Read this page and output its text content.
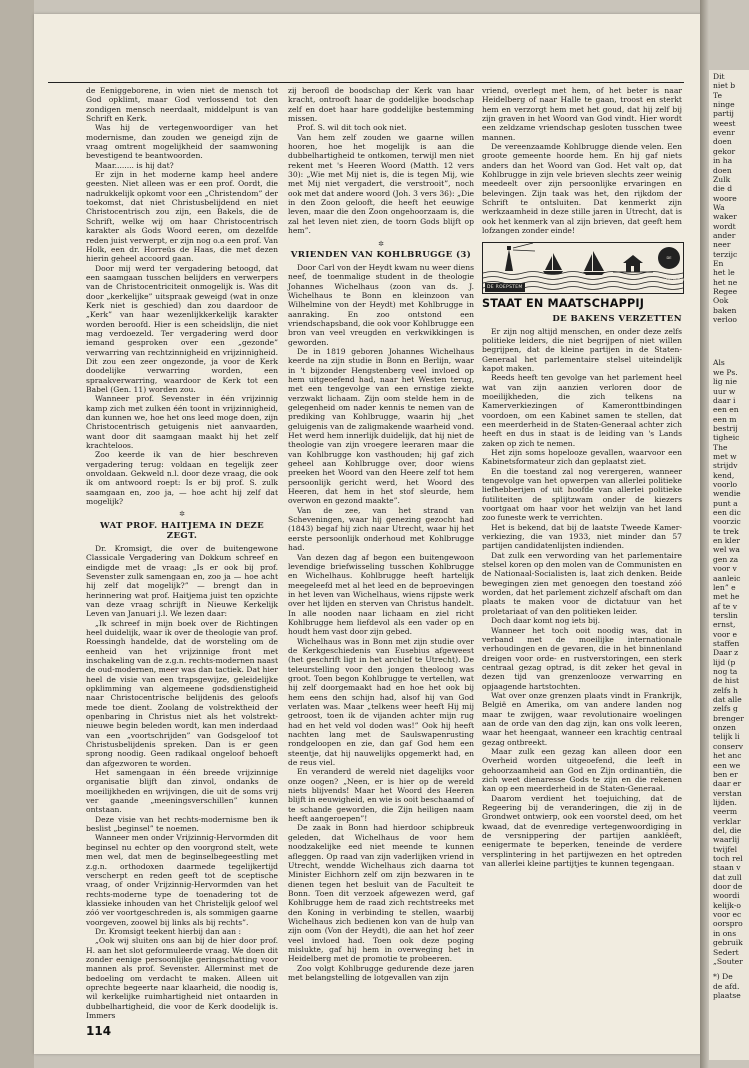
Dit
niet b
Te
ninge
partij
weest
evenr
doen
gekor
in ha
doen
Zulk
die d
woore
Wa
waker
wordt
ander
neer
terzijc
En
het le
het ne
Regee
Ook
baken
verloo
Als
we Ps.
lig nie
uur w
daar i
een en
een m
bestrij
tigheic
The
met w
strijdv
kend,
voorlo
wendie
punt a
een dic
voorzic
te trek
en kler
wel wa
gen za
voor v
aanleic
len” e
met he
af te v
terslin
ernst,
voor e
staffen
Daar z
lijd (p
nog ta
de hist
zelfs h
dat alle
zelfs g
brenger
onzen
telijk li
conserv
het anc
een we
ben er
daar er
verstan
lijden.
veerm
verklar
del, die
waarlij
twijfel
toch rel
staan v
dat zull
door de
woordi
kelijk-o
voor ec
oorspro
in ons
gebruik
Sedert
„Souter
*) De
de afd.
plaatse

de Eeniggeborene, in wien niet de mensch tot God opklimt, maar God verlossend tot den zondigen mensch neerdaalt, middelpunt is van Schrift en Kerk.

Was hij de vertegenwoordiger van het modernisme, dan zouden we geneigd zijn de vraag omtrent mogelijkheid der saamwoning bevestigend te beantwoorden.

Maar........ is hij dat?

Er zijn in het moderne kamp heel andere geesten. Niet alleen was er een prof. Oordt, die nadrukkelijk opkomt voor een „Christendom” der toekomst, dat niet Christusbelijdend en niet Christocentrisch zou zijn, een Bakels, die de Schrift, welke wij om haar Christocentrisch karakter als Gods Woord eeren, om dezelfde reden juist verwerpt, er zijn nog o.a een prof. Van Holk, een dr. Horreüs de Haas, die met dezen hierin geheel accoord gaan.

Door mij werd ter vergadering betoogd, dat een saamgaan tusschen belijders en verwerpers van de Christocentriciteit onmogelijk is. Was dit door „kerkelijke” uitspraak geweigd (wat in onze Kerk niet is geschied) dan zou daardoor de „Kerk” van haar wezenlijkkerkelijk karakter worden beroofd. Hier is een scheidslijn, die niet mag verdoezeld. Ter vergadering werd door iemand gesproken over een „gezonde” verwarring van rechtzinnigheid en vrijzinnigheid. Dit zou een zeer ongezonde, ja voor de Kerk doodelijke verwarring worden, een spraakverwarring, waardoor de Kerk tot een Babel (Gen. 11) worden zou.

Wanneer prof. Sevenster in één vrijzinnig kamp zich met zulken één toont in vrijzinnigheid, dan kunnen we, hoe het ons leed moge doen, zijn Christocentrisch getuigenis niet aanvaarden, want door dit saamgaan maakt hij het zelf krachteloos.

Zoo keerde ik van de hier beschreven vergadering terug: voldaan en tegelijk zeer onvoldaan. Gekweld n.l. door deze vraag, die ook ik om antwoord roept: Is er bij prof. S. zulk saamgaan en, zoo ja, — hoe acht hij zelf dat mogelijk?

✲
WAT PROF. HAITJEMA IN DEZE ZEGT.

Dr. Kromsigt, die over de buitengewone Classicale Vergadering van Dokkum schreef en eindigde met de vraag: „Is er ook bij prof. Sevenster zulk samengaan en, zoo ja — hoe acht hij zelf dat mogelijk?” — brengt dan in herinnering wat prof. Haitjema juist ten opzichte van deze vraag schrijft in Nieuwe Kerkelijk Leven van Januari j.l. We lezen daar:

„Ik schreef in mijn boek over de Richtingen heel duidelijk, waar ik over de theologie van prof. Roessingh handelde, dat de worsteling om de eenheid van het vrijzinnige front met inschakeling van de z.g.n. rechts-modernen naast de oud-modernen, meer was dan tactiek. Dat hier heel de visie van een trapsgewijze, geleidelijke opklimming van algemeene godsdienstigheid naar Christocentrische belijdenis des geloofs mede toe dient. Zoolang de volstrektheid der openbaring in Christus niet als het volstrekt-nieuwe begin beleden wordt, kan men inderdaad van een „voortschrijden” van Godsgeloof tot Christusbelijdenis spreken. Dan is er geen sprong noodig. Geen radikaal ongeloof behoeft dan afgezworen te worden.

Het samengaan in één breede vrijzinnige organisatie blijft dan zinvol, ondanks de moeilijkheden en wrijvingen, die uit de soms vrij ver gaande „meeningsverschillen” kunnen ontstaan.

Deze visie van het rechts-modernisme ben ik beslist „beginsel” te noemen.

Wanneer men onder Vrijzinnig-Hervormden dit beginsel nu echter op den voorgrond stelt, wete men wel, dat men de beginselbegeestling met z.g.n. orthodoxen daarmede tegelijkertijd verscherpt en reden geeft tot de sceptische vraag, of onder Vrijzinnig-Hervormden van het rechts-moderne type de toenadering tot de klassieke inhouden van het Christelijk geloof wel zóó ver voortgeschreden is, als sommigen gaarne voorgeven, zoowel bij links als bij rechts”.

Dr. Kromsigt teekent hierbij dan aan :

„Ook wij sluiten ons aan bij de hier door prof. H. aan het slot geformuleerde vraag. We doen dit zonder eenige persoonlijke geringschatting voor mannen als prof. Sevenster. Allerminst met de bedoeling om verdacht te maken. Alleen uit oprechte begeerte naar klaarheid, die noodig is, wil kerkelijke ruimhartigheid niet ontaarden in dubbelhartigheid, die voor de Kerk doodelijk is. Immers

zij beroofl de boodschap der Kerk van haar kracht, ontrooft haar de goddelijke boodschap zelf en doet haar hare goddelijke bestemming missen.

Prof. S. wil dit toch ook niet.

Van hem zelf zouden we gaarne willen hooren, hoe het mogelijk is aan die dubbelhartigheid te ontkomen, terwijl men niet rekent met 's Heeren Woord (Matth. 12 vers 30): „Wie met Mij niet is, die is tegen Mij, wie met Mij niet vergadert, die verstrooit”, noch ook met dat andere woord (Joh. 3 vers 36): „Die in den Zoon gelooft, die heeft het eeuwige leven, maar die den Zoon ongehoorzaam is, die zal het leven niet zien, de toorn Gods blijft op hem”.

✲
VRIENDEN VAN KOHLBRUGGE (3)

Door Carl von der Heydt kwam nu weer diens neef, de toenmalige student in de theologie Johannes Wichelhaus (zoon van ds. J. Wichelhaus te Bonn en kleinzoon van Wilhelmine von der Heydt) met Kohlbrugge in aanraking. En zoo ontstond een vriendschapsband, die ook voor Kohlbrugge een bron van veel vreugden en verkwikkingen is geworden.

De in 1819 geboren Johannes Wichelhaus keerde na zijn studie in Bonn en Berlijn, waar in 't bijzonder Hengstenberg veel invloed op hem uitgeoefend had, naar het Westen terug, met een tengevolge van een ernstige ziekte verzwakt lichaam. Zijn oom stelde hem in de gelegenheid om nader kennis te nemen van de prediking van Kohlbrugge, waarin hij „het geluigenis van de zaligmakende waarheid vond. Het werd hem innerlijk duidelijk, dat hij niet de theologie van zijn vroegere leeraren maar die van Kohlbrugge kon vasthouden; hij gaf zich geheel aan Kohlbrugge over, door wiens preeken het Woord van den Heere zelf tot hem persoonlijk gericht werd, het Woord des Heeren, dat hem in het stof sleurde, hem overwon en gezond maakte”.

Van de zee, van het strand van Scheveningen, waar hij genezing gezocht had (1843) begaf hij zich naar Utrecht, waar hij het eerste persoonlijk onderhoud met Kohlbrugge had.

Van dezen dag af begon een buitengewoon levendige briefwisseling tusschen Kohlbrugge en Wichelhaus. Kohlbrugge heeft hartelijk meegeleefd met al het leed en de beproevingen in het leven van Wichelhaus, wiens rijpste werk over het lijden en sterven van Christus handelt. In alle nooden naar lichaam en ziel richt Kohlbrugge hem liefdevol als een vader op en houdt hem vast door zijn gebed.

Wichelhaus was in Bonn met zijn studie over de Kerkgeschiedenis van Eusebius afgeweest (het geschrift ligt in het archief te Utrecht). De teleurstelling voor den jongen theoloog was groot. Toen begon Kohlbrugge te vertellen, wat hij zelf doorgemaakt had en hoe het ook bij hem eens den schijn had, alsof hij van God verlaten was. Maar „telkens weer heeft Hij mij getroost, toen ik de vijanden achter mijn rug had en het veld vol doden was!” Ook hij heeft nachten lang met de Saulswapenrusting rondgeloopen en zie, dan gaf God hem een steentje, dat hij nauwelijks opgemerkt had, en de reus viel.

En veranderd de wereld niet dagelijks voor onze oogen? „Neen, er is hier op de wereld niets blijvends! Maar het Woord des Heeren blijft in eeuwigheid, en wie is ooit beschaamd of te schande geworden, die Zijn heiligen naam heeft aangeroepen”!

De zaak in Bonn had hierdoor schipbreuk geleden, dat Wichelhaus de voor hem noodzakelijke eed niet meende te kunnen afleggen. Op raad van zijn vaderlijken vriend in Utrecht, wendde Wichelhaus zich daarna tot Minister Eichhorn zelf om zijn bezwaren in te dienen tegen het besluit van de Faculteit te Bonn. Toen dit verzoek afgewezen werd, gaf Kohlbrugge hem de raad zich rechtstreeks met den Koning in verbinding te stellen, waarbij Wichelhaus zich bedienen kon van de hulp van zijn oom (Von der Heydt), die aan het hof zeer veel invloed had. Toen ook deze poging mislukte, gaf hij hem in overweging het in Heidelberg met de promotie te probeeren.

Zoo volgt Kohlbrugge gedurende deze jaren met belangstelling de lotgevallen van zijn

vriend, overlegt met hem, of het beter is naar Heidelberg of naar Halle te gaan, troost en sterkt hem en verzorgt hem met het goud, dat hij zelf bij zijn graven in het Woord van God vindt. Hier wordt een zeldzame vriendschap gesloten tusschen twee mannen.

De vereenzaamde Kohlbrugge diende velen. Een groote gemeente hoorde hem. En hij gaf niets anders dan het Woord van God. Het valt op, dat Kohlbrugge in zijn vele brieven slechts zeer weinig meedeelt over zijn persoonlijke ervaringen en belevingen. Zijn taak was het, den rijkdom der Schrift te ontsluiten. Dat kenmerkt zijn werkzaamheid in deze stille jaren in Utrecht, dat is ook het kenmerk van al zijn brieven, dat geeft hem lofzangen zonder einde!

DE NEDERLANDER
DE ROEPSTEM
STAAT EN MAATSCHAPPIJ
DE BAKENS VERZETTEN

Er zijn nog altijd menschen, en onder deze zelfs politieke leiders, die niet begrijpen of niet willen begrijpen, dat de kleine partijen in de Staten-Generaal het parlementaire stelsel uiteindelijk kapot maken.

Reeds heeft ten gevolge van het parlement heel wat van zijn aanzien verloren door de moeilijkheden, die zich telkens na Kamerverkiezingen of Kameronttbindingen voordoen, om een Kabinet samen te stellen, dat een meerderheid in de Staten-Generaal achter zich heeft en dus in staat is de leiding van 's Lands zaken op zich te nemen.

Het zijn soms hopelooze gevallen, waarvoor een Kabinetsformateur zich dan geplaatst ziet.

En die toestand zal nog verergeren, wanneer tengevolge van het opwerpen van allerlei politieke liefhebberijen of uit hoofde van allerlei politieke futiliteiten de splijtzwam onder de kiezers voortgaat om haar voor het welzijn van het land zoo funeste werk te verrichten.

Het is bekend, dat bij de laatste Tweede Kamer-verkiezing, die van 1933, niet minder dan 57 partijen candidatenlijsten indienden.

Dat zulk een verwording van het parlementaire stelsel koren op den molen van de Communisten en de Nationaal-Socialisten is, laat zich denken. Beide bewegingen zien met genoegen den toestand zóó worden, dat het parlement zichzelf afschaft om dan plaats te maken voor de dictatuur van het proletariaat of van den politieken leider.

Doch daar komt nog iets bij.

Wanneer het toch ooit noodig was, dat in verband met de moeilijke internationale verhoudingen en de gevaren, die in het binnenland dreigen voor orde- en rustverstoringen, een sterk centraal gezag optrad, is dit zeker het geval in dezen tijd van grenzenlooze verwarring en opjaagende hartstochten.

Wat over onze grenzen plaats vindt in Frankrijk, België en Amerika, om van andere landen nog maar te zwijgen, waar revolutionaire woelingen aan de orde van den dag zijn, kan ons volk leeren, waar het heengaat, wanneer een krachtig centraal gezag ontbreekt.

Maar zulk een gezag kan alleen door een Overheid worden uitgeoefend, die leeft in gehoorzaamheid aan God en Zijn ordinantiën, die zich weet dienaresse Gods te zijn en die rekenen kan op een meerderheid in de Staten-Generaal.

Daarom verdient het toejuiching, dat de Regeering bij de veranderingen, die zij in de Grondwet ontwierp, ook een voorstel deed, om het kwaad, dat de evenredige vertegenwoordiging in de versnippering der partijen aanklëeft, eenigermate te beperken, teneinde de verdere versplintering in het partijwezen en het optreden van allerlei kleine partijtjes te kunnen tegengaan.

114
